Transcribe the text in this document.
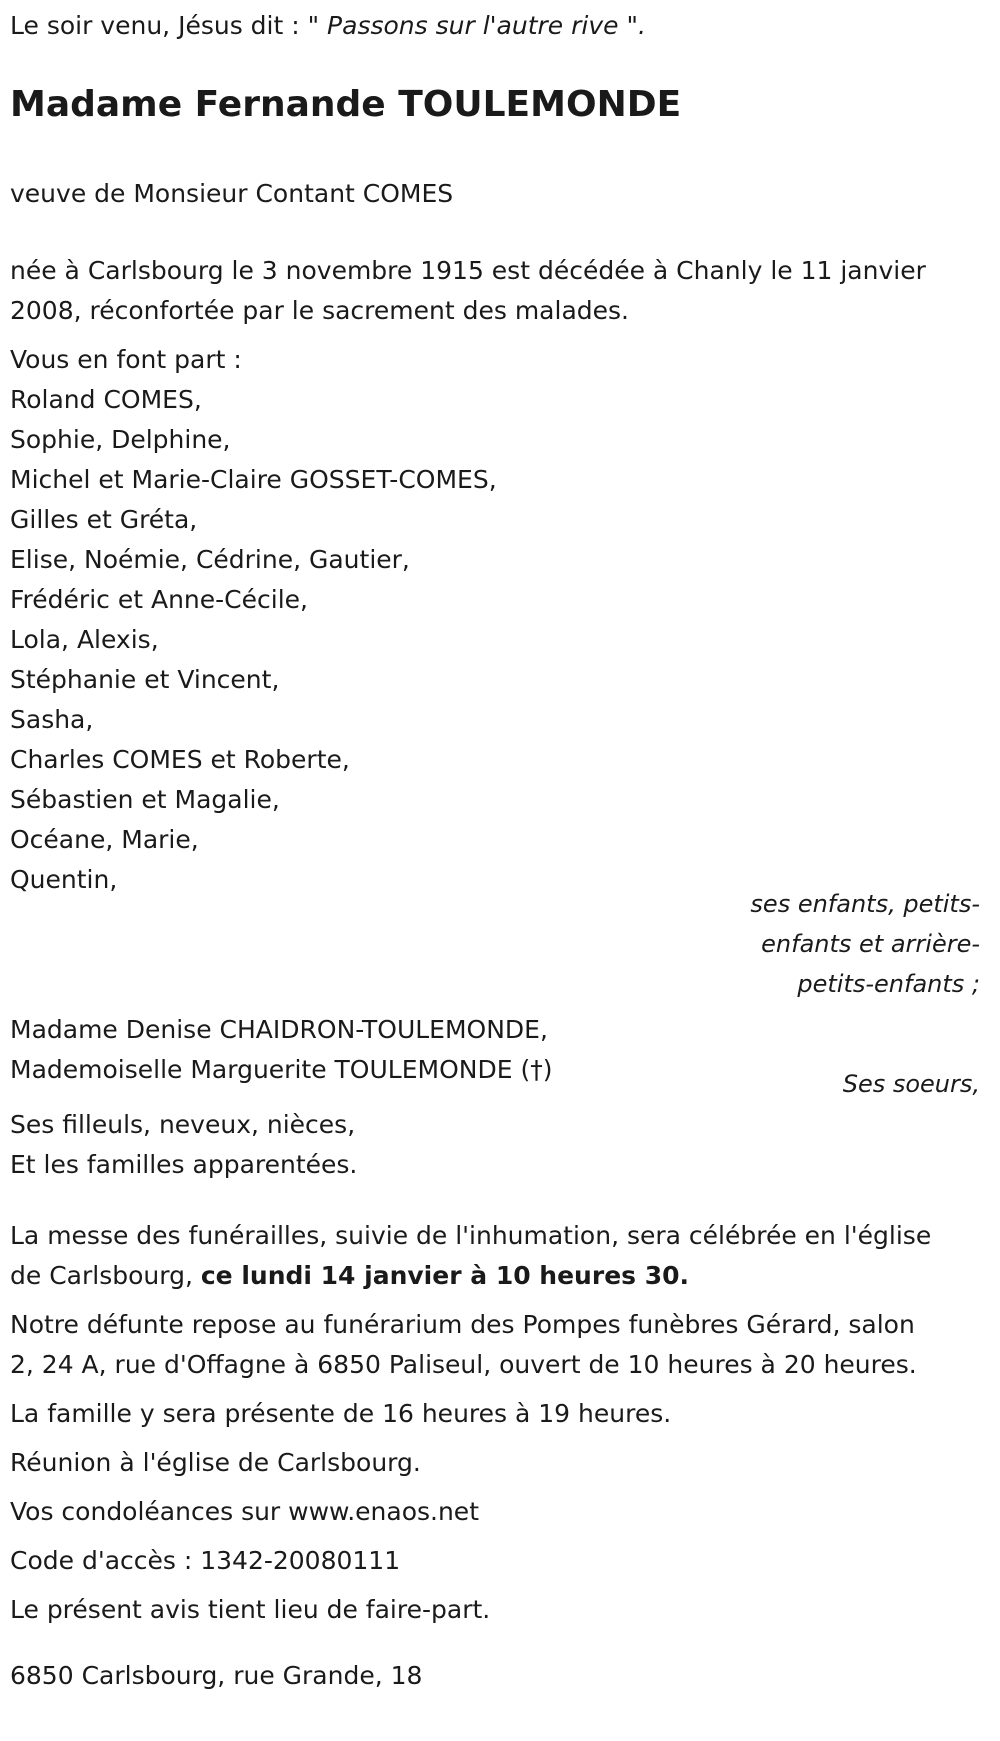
Le soir venu, Jésus dit : " Passons sur l'autre rive ".
Madame Fernande TOULEMONDE
veuve de Monsieur Contant COMES
née à Carlsbourg le 3 novembre 1915 est décédée à Chanly le 11 janvier
2008, réconfortée par le sacrement des malades.
Vous en font part :
Roland COMES,
Sophie, Delphine,
Michel et Marie-Claire GOSSET-COMES,
Gilles et Gréta,
Elise, Noémie, Cédrine, Gautier,
Frédéric et Anne-Cécile,
Lola, Alexis,
Stéphanie et Vincent,
Sasha,
Charles COMES et Roberte,
Sébastien et Magalie,
Océane, Marie,
Quentin,
ses enfants, petits-
enfants et arrière-
petits-enfants ;
Madame Denise CHAIDRON-TOULEMONDE,
Mademoiselle Marguerite TOULEMONDE (†)	Ses soeurs,
Ses filleuls, neveux, nièces,
Et les familles apparentées.
La messe des funérailles, suivie de l'inhumation, sera célébrée en l'église
de Carlsbourg, ce lundi 14 janvier à 10 heures 30.
Notre défunte repose au funérarium des Pompes funèbres Gérard, salon
2, 24 A, rue d'Offagne à 6850 Paliseul, ouvert de 10 heures à 20 heures.
La famille y sera présente de 16 heures à 19 heures.
Réunion à l'église de Carlsbourg.
Vos condoléances sur www.enaos.net
Code d'accès : 1342-20080111
Le présent avis tient lieu de faire-part.
6850 Carlsbourg, rue Grande, 18
